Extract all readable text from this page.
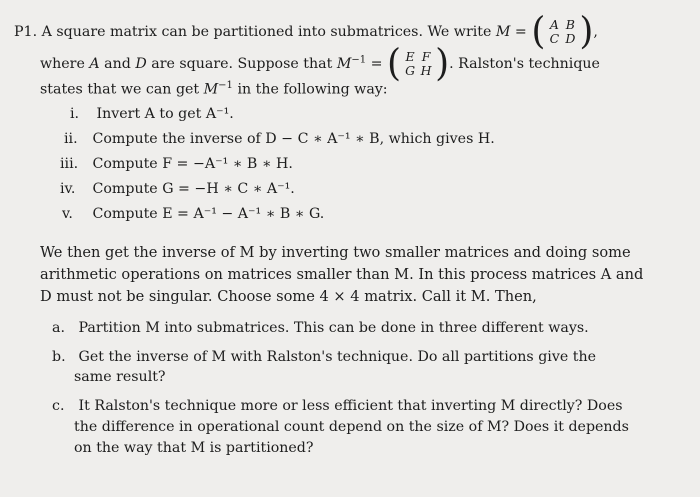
P1. A square matrix can be partitioned into submatrices. We write M = ( A B
C D ) ,
where A and D are square. Suppose that $M^{-1}$ = ( E F
G H ) . Ralston's technique
states that we can get $M^{-1}$ in the following way:
i. Invert A to get A⁻¹.
ii. Compute the inverse of D − C ∗ A⁻¹ ∗ B, which gives H.
iii. Compute F = −A⁻¹ ∗ B ∗ H.
iv. Compute G = −H ∗ C ∗ A⁻¹.
v. Compute E = A⁻¹ − A⁻¹ ∗ B ∗ G.
We then get the inverse of M by inverting two smaller matrices and doing some
arithmetic operations on matrices smaller than M. In this process matrices A and
D must not be singular. Choose some 4 × 4 matrix. Call it M. Then,
a. Partition M into submatrices. This can be done in three different ways.
b. Get the inverse of M with Ralston's technique. Do all partitions give the
same result?
c. It Ralston's technique more or less efficient that inverting M directly? Does
the difference in operational count depend on the size of M? Does it depends
on the way that M is partitioned?
